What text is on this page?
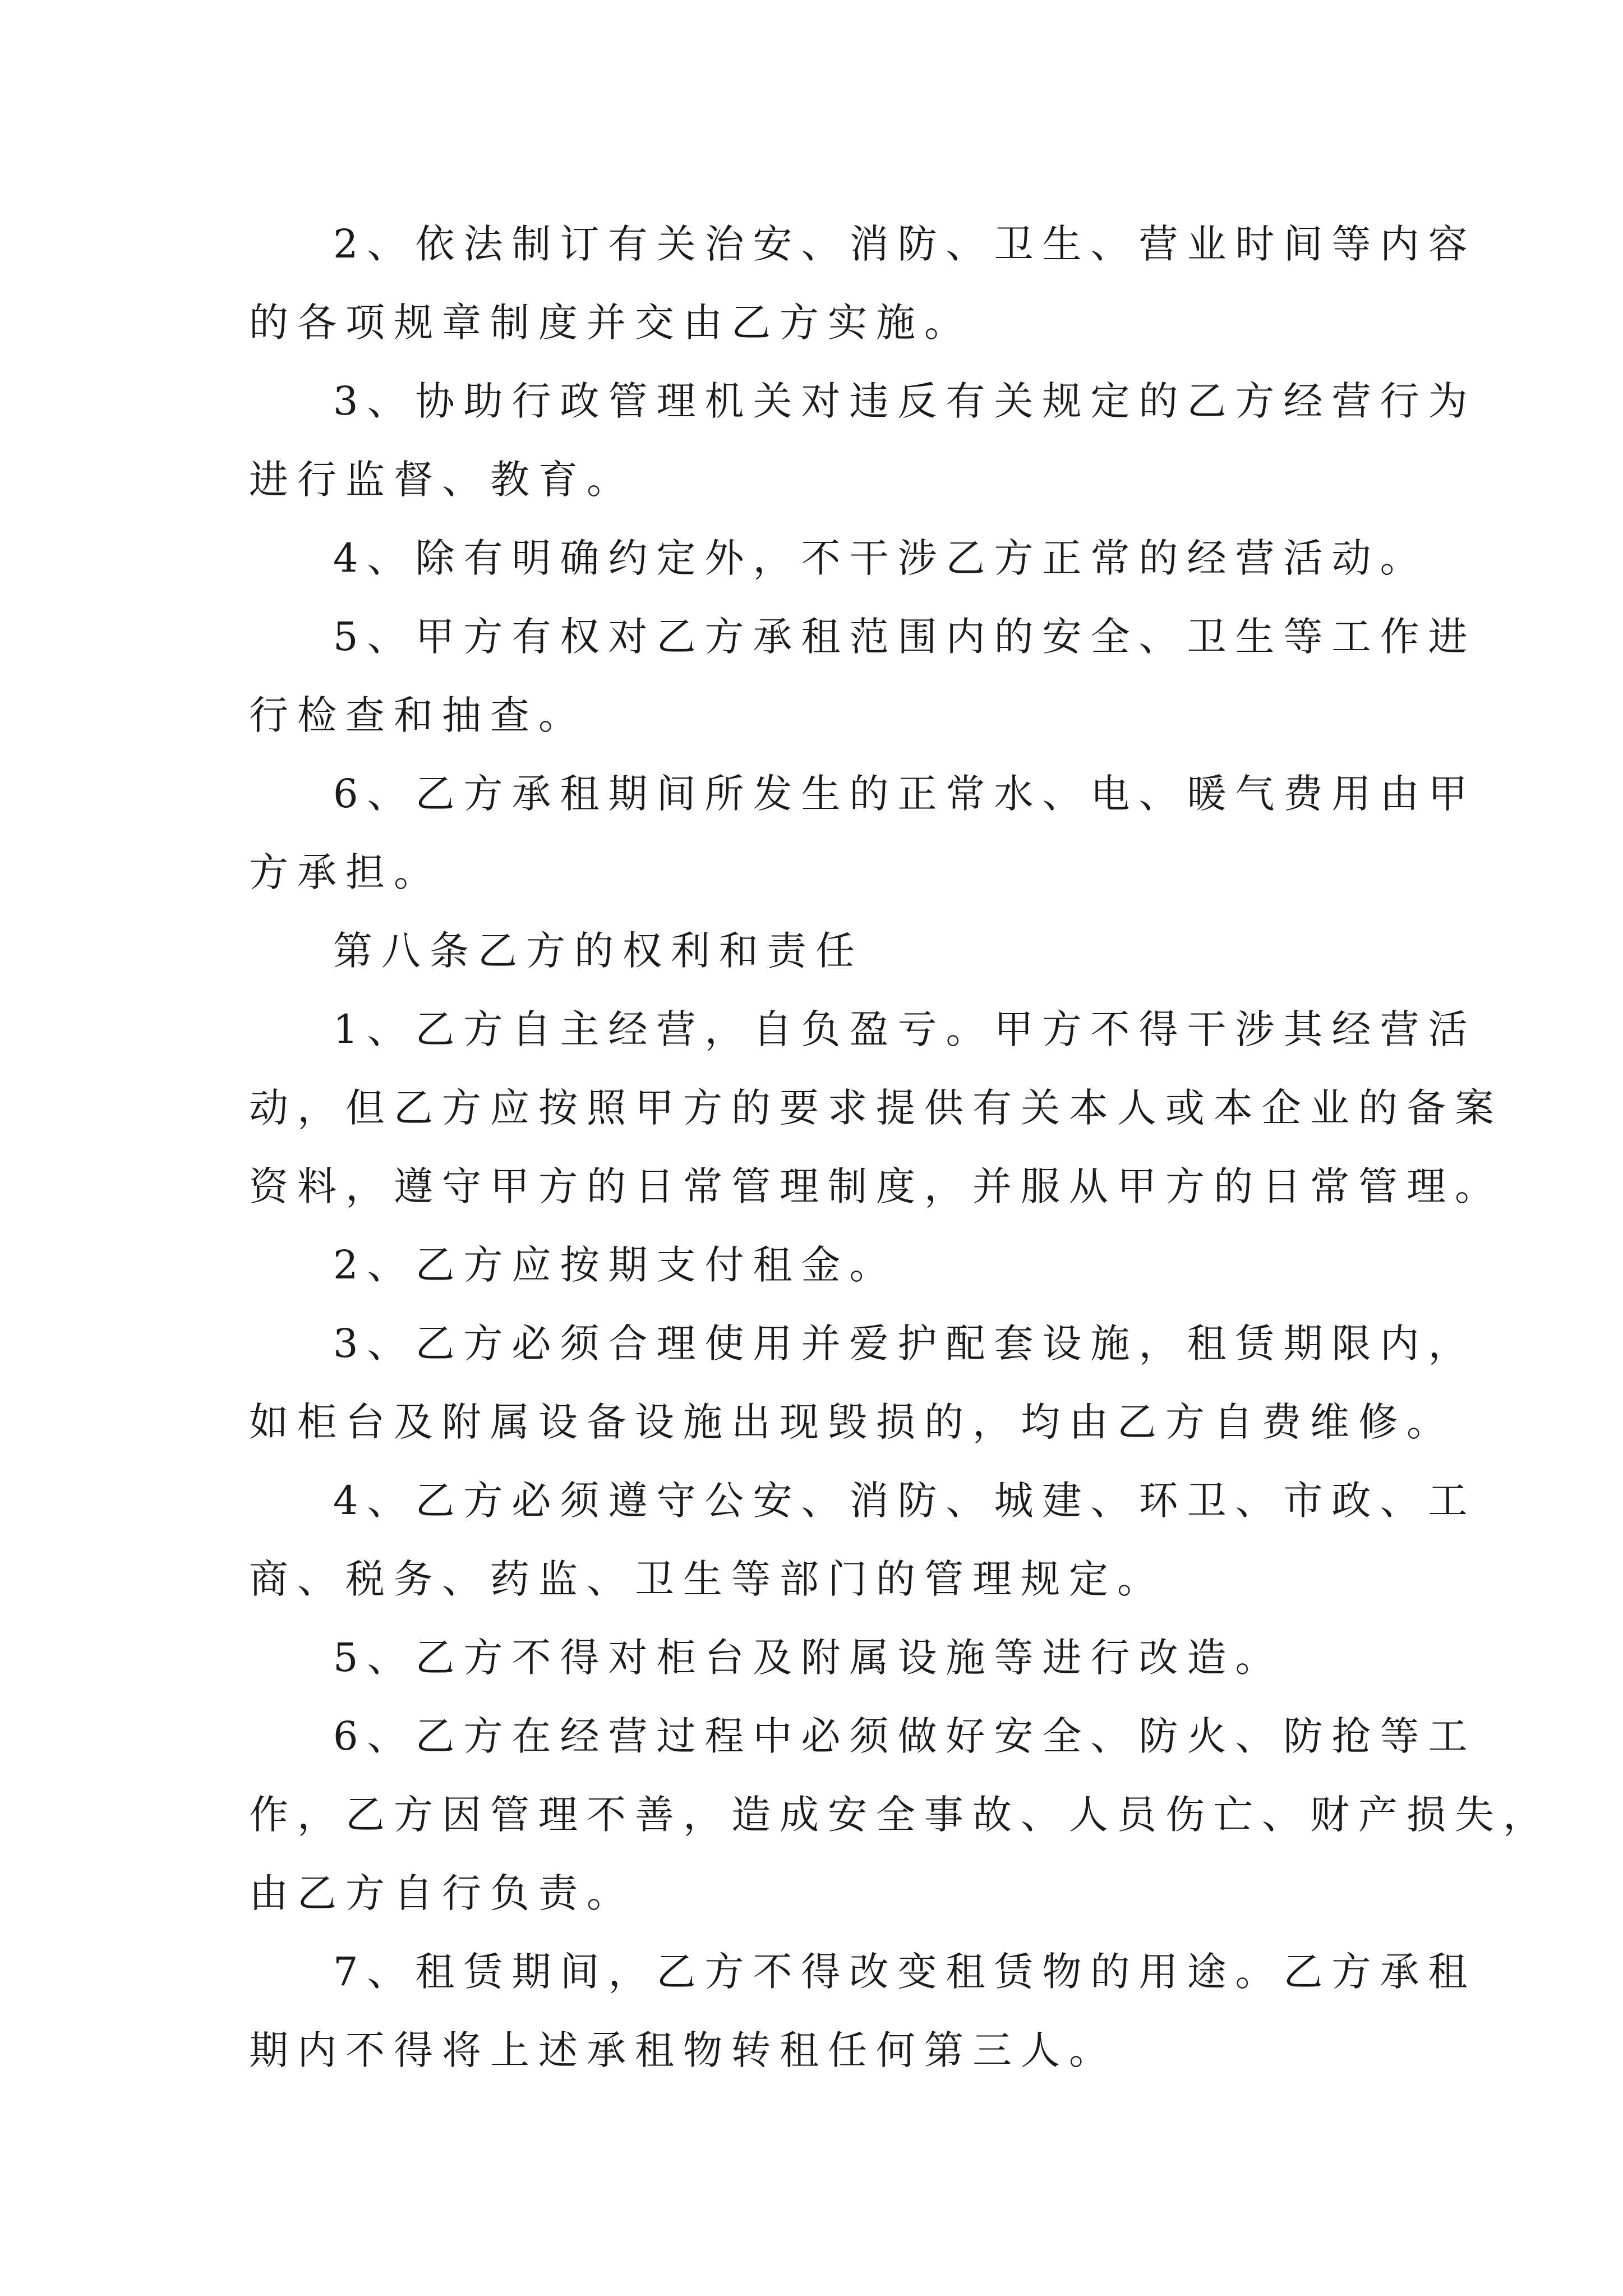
2、依法制订有关治安、消防、卫生、营业时间等内容
的各项规章制度并交由乙方实施。
3、协助行政管理机关对违反有关规定的乙方经营行为
进行监督、教育。
4、除有明确约定外，不干涉乙方正常的经营活动。
5、甲方有权对乙方承租范围内的安全、卫生等工作进
行检查和抽查。
6、乙方承租期间所发生的正常水、电、暖气费用由甲
方承担。
第八条乙方的权利和责任
1、乙方自主经营，自负盈亏。甲方不得干涉其经营活
动，但乙方应按照甲方的要求提供有关本人或本企业的备案
资料，遵守甲方的日常管理制度，并服从甲方的日常管理。
2、乙方应按期支付租金。
3、乙方必须合理使用并爱护配套设施，租赁期限内，
如柜台及附属设备设施出现毁损的，均由乙方自费维修。
4、乙方必须遵守公安、消防、城建、环卫、市政、工
商、税务、药监、卫生等部门的管理规定。
5、乙方不得对柜台及附属设施等进行改造。
6、乙方在经营过程中必须做好安全、防火、防抢等工
作，乙方因管理不善，造成安全事故、人员伤亡、财产损失，
由乙方自行负责。
7、租赁期间，乙方不得改变租赁物的用途。乙方承租
期内不得将上述承租物转租任何第三人。
